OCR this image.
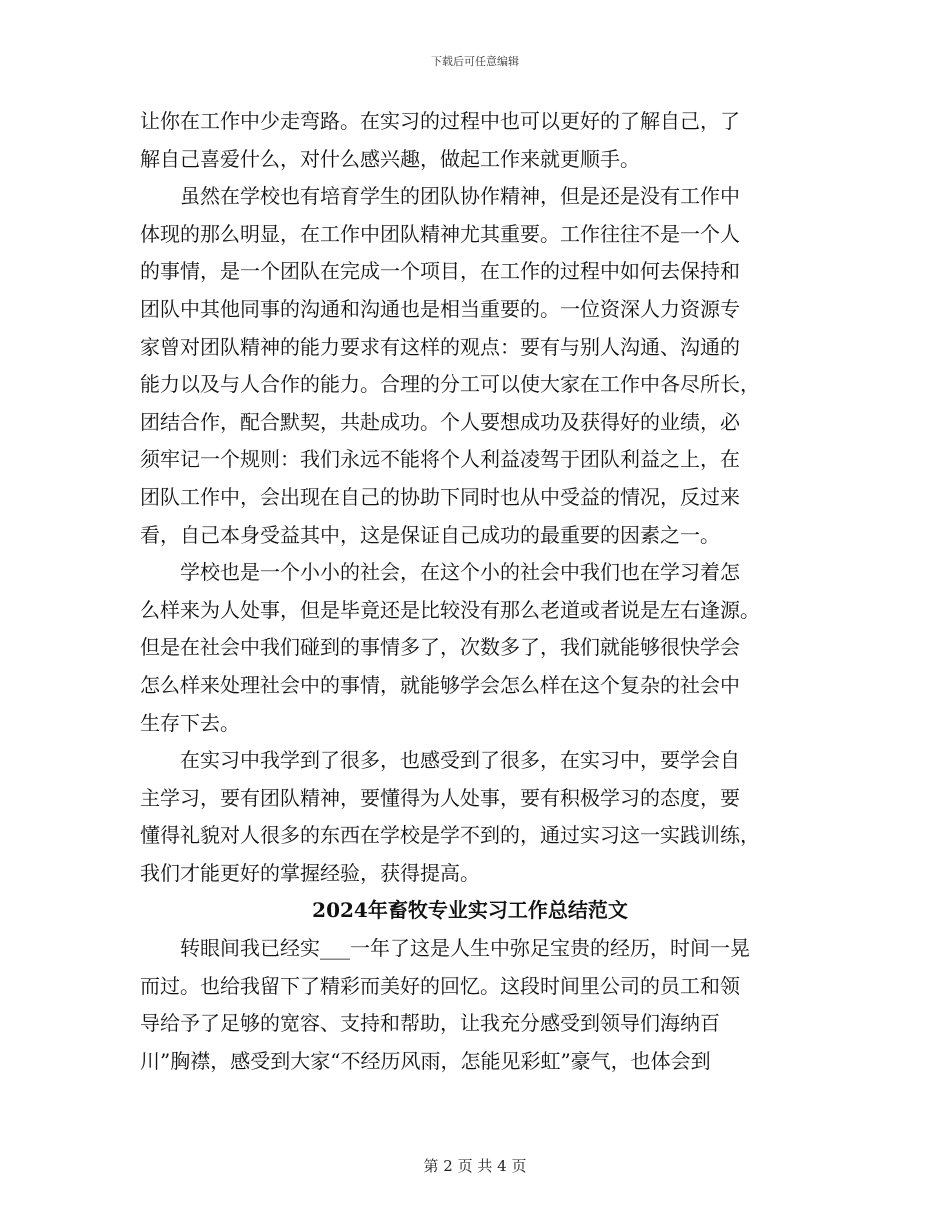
下载后可任意编辑
让你在工作中少走弯路。在实习的过程中也可以更好的了解自己，了
解自己喜爱什么，对什么感兴趣，做起工作来就更顺手。
　　虽然在学校也有培育学生的团队协作精神，但是还是没有工作中
体现的那么明显，在工作中团队精神尤其重要。工作往往不是一个人
的事情，是一个团队在完成一个项目，在工作的过程中如何去保持和
团队中其他同事的沟通和沟通也是相当重要的。一位资深人力资源专
家曾对团队精神的能力要求有这样的观点：要有与别人沟通、沟通的
能力以及与人合作的能力。合理的分工可以使大家在工作中各尽所长，
团结合作，配合默契，共赴成功。个人要想成功及获得好的业绩，必
须牢记一个规则：我们永远不能将个人利益凌驾于团队利益之上，在
团队工作中，会出现在自己的协助下同时也从中受益的情况，反过来
看，自己本身受益其中，这是保证自己成功的最重要的因素之一。
　　学校也是一个小小的社会，在这个小的社会中我们也在学习着怎
么样来为人处事，但是毕竟还是比较没有那么老道或者说是左右逢源。
但是在社会中我们碰到的事情多了，次数多了，我们就能够很快学会
怎么样来处理社会中的事情，就能够学会怎么样在这个复杂的社会中
生存下去。
　　在实习中我学到了很多，也感受到了很多，在实习中，要学会自
主学习，要有团队精神，要懂得为人处事，要有积极学习的态度，要
懂得礼貌对人很多的东西在学校是学不到的，通过实习这一实践训练，
我们才能更好的掌握经验，获得提高。
2024年畜牧专业实习工作总结范文
　　转眼间我已经实___一年了这是人生中弥足宝贵的经历，时间一晃
而过。也给我留下了精彩而美好的回忆。这段时间里公司的员工和领
导给予了足够的宽容、支持和帮助，让我充分感受到领导们海纳百
川”胸襟，感受到大家“不经历风雨，怎能见彩虹”豪气，也体会到
第 2 页 共 4 页
